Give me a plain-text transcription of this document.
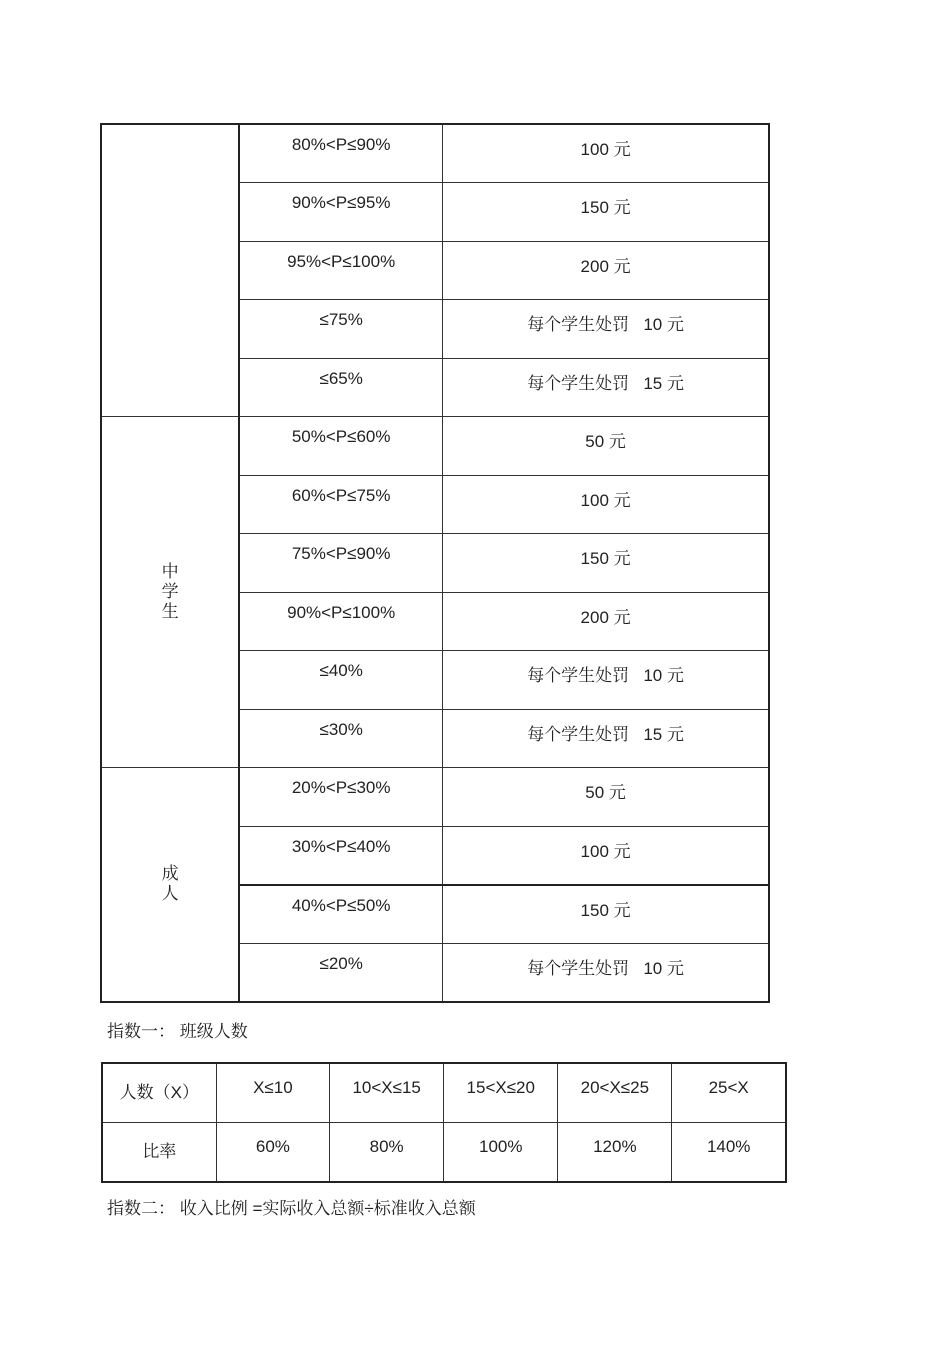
	80%<P≤90%	100 元

	90%<P≤95%	150 元

	95%<P≤100%	200 元

	≤75%	每个学生处罚   10 元

	≤65%	每个学生处罚   15 元

中学生	50%<P≤60%	50 元

	60%<P≤75%	100 元

	75%<P≤90%	150 元

	90%<P≤100%	200 元

	≤40%	每个学生处罚   10 元

	≤30%	每个学生处罚   15 元

成人	20%<P≤30%	50 元

	30%<P≤40%	100 元

	40%<P≤50%	150 元

	≤20%	每个学生处罚   10 元
指数一： 班级人数
人数（X）	X≤10	10<X≤15	15<X≤20	20<X≤25	25<X

比率	60%	80%	100%	120%	140%
指数二： 收入比例 =实际收入总额÷标准收入总额
